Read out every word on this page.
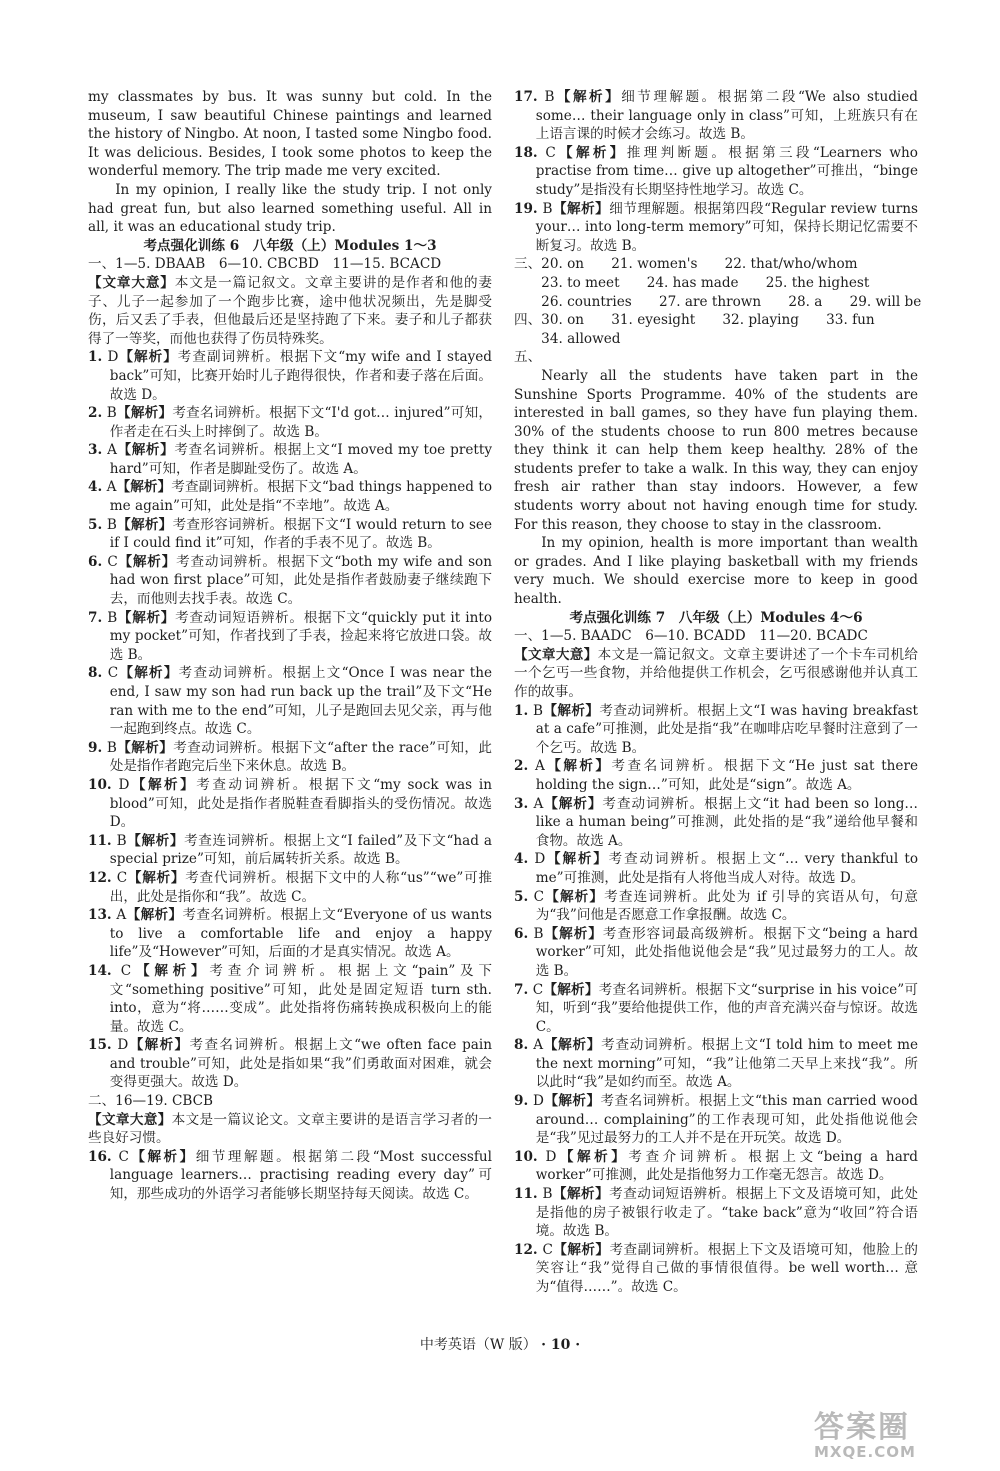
my classmates by bus. It was sunny but cold. In the museum, I saw beautiful Chinese paintings and learned the history of Ningbo. At noon, I tasted some Ningbo food. It was delicious. Besides, I took some photos to keep the wonderful memory. The trip made me very excited.

In my opinion, I really like the study trip. I not only had great fun, but also learned something useful. All in all, it was an educational study trip.

考点强化训练 6　八年级（上）Modules 1～3

一、1—5. DBAAB　6—10. CBCBD　11—15. BCACD

【文章大意】本文是一篇记叙文。文章主要讲的是作者和他的妻子、儿子一起参加了一个跑步比赛，途中他状况频出，先是脚受伤，后又丢了手表，但他最后还是坚持跑了下来。妻子和儿子都获得了一等奖，而他也获得了伤员特殊奖。

1. D【解析】考查副词辨析。根据下文“my wife and I stayed back”可知，比赛开始时儿子跑得很快，作者和妻子落在后面。故选 D。

2. B【解析】考查名词辨析。根据下文“I'd got… injured”可知，作者走在石头上时摔倒了。故选 B。

3. A【解析】考查名词辨析。根据上文“I moved my toe pretty hard”可知，作者是脚趾受伤了。故选 A。

4. A【解析】考查副词辨析。根据下文“bad things happened to me again”可知，此处是指“不幸地”。故选 A。

5. B【解析】考查形容词辨析。根据下文“I would return to see if I could find it”可知，作者的手表不见了。故选 B。

6. C【解析】考查动词辨析。根据下文“both my wife and son had won first place”可知，此处是指作者鼓励妻子继续跑下去，而他则去找手表。故选 C。

7. B【解析】考查动词短语辨析。根据下文“quickly put it into my pocket”可知，作者找到了手表，捡起来将它放进口袋。故选 B。

8. C【解析】考查动词辨析。根据上文“Once I was near the end, I saw my son had run back up the trail”及下文“He ran with me to the end”可知，儿子是跑回去见父亲，再与他一起跑到终点。故选 C。

9. B【解析】考查动词辨析。根据下文“after the race”可知，此处是指作者跑完后坐下来休息。故选 B。

10. D【解析】考查动词辨析。根据下文“my sock was in blood”可知，此处是指作者脱鞋查看脚指头的受伤情况。故选 D。

11. B【解析】考查连词辨析。根据上文“I failed”及下文“had a special prize”可知，前后属转折关系。故选 B。

12. C【解析】考查代词辨析。根据下文中的人称“us”“we”可推出，此处是指你和“我”。故选 C。

13. A【解析】考查名词辨析。根据上文“Everyone of us wants to live a comfortable life and enjoy a happy life”及“However”可知，后面的才是真实情况。故选 A。

14. C【解析】考查介词辨析。根据上文“pain”及下文“something positive”可知，此处是固定短语 turn sth. into，意为“将……变成”。此处指将伤痛转换成积极向上的能量。故选 C。

15. D【解析】考查名词辨析。根据上文“we often face pain and trouble”可知，此处是指如果“我”们勇敢面对困难，就会变得更强大。故选 D。

二、16—19. CBCB

【文章大意】本文是一篇议论文。文章主要讲的是语言学习者的一些良好习惯。

16. C【解析】细节理解题。根据第二段“Most successful language learners… practising reading every day”可知，那些成功的外语学习者能够长期坚持每天阅读。故选 C。

17. B【解析】细节理解题。根据第二段“We also studied some… their language only in class”可知，上班族只有在上语言课的时候才会练习。故选 B。

18. C【解析】推理判断题。根据第三段“Learners who practise from time… give up altogether”可推出，“binge study”是指没有长期坚持性地学习。故选 C。

19. B【解析】细节理解题。根据第四段“Regular review turns your… into long-term memory”可知，保持长期记忆需要不断复习。故选 B。

三、20. on　　21. women's　　22. that/who/whom

　　23. to meet　　24. has made　　25. the highest

　　26. countries　　27. are thrown　　28. a　　29. will be

四、30. on　　31. eyesight　　32. playing　　33. fun

　　34. allowed

五、

Nearly all the students have taken part in the Sunshine Sports Programme. 40% of the students are interested in ball games, so they have fun playing them. 30% of the students choose to run 800 metres because they think it can help them keep healthy. 28% of the students prefer to take a walk. In this way, they can enjoy fresh air rather than stay indoors. However, a few students worry about not having enough time for study. For this reason, they choose to stay in the classroom.

In my opinion, health is more important than wealth or grades. And I like playing basketball with my friends very much. We should exercise more to keep in good health.

考点强化训练 7　八年级（上）Modules 4～6

一、1—5. BAADC　6—10. BCADD　11—20. BCADC

【文章大意】本文是一篇记叙文。文章主要讲述了一个卡车司机给一个乞丐一些食物，并给他提供工作机会，乞丐很感谢他并认真工作的故事。

1. B【解析】考查动词辨析。根据上文“I was having breakfast at a cafe”可推测，此处是指“我”在咖啡店吃早餐时注意到了一个乞丐。故选 B。

2. A【解析】考查名词辨析。根据下文“He just sat there holding the sign…”可知，此处是“sign”。故选 A。

3. A【解析】考查动词辨析。根据上文“it had been so long… like a human being”可推测，此处指的是“我”递给他早餐和食物。故选 A。

4. D【解析】考查动词辨析。根据上文“… very thankful to me”可推测，此处是指有人将他当成人对待。故选 D。

5. C【解析】考查连词辨析。此处为 if 引导的宾语从句，句意为“我”问他是否愿意工作拿报酬。故选 C。

6. B【解析】考查形容词最高级辨析。根据下文“being a hard worker”可知，此处指他说他会是“我”见过最努力的工人。故选 B。

7. C【解析】考查名词辨析。根据下文“surprise in his voice”可知，听到“我”要给他提供工作，他的声音充满兴奋与惊讶。故选 C。

8. A【解析】考查动词辨析。根据上文“I told him to meet me the next morning”可知，“我”让他第二天早上来找“我”。所以此时“我”是如约而至。故选 A。

9. D【解析】考查名词辨析。根据上文“this man carried wood around… complaining”的工作表现可知，此处指他说他会是“我”见过最努力的工人并不是在开玩笑。故选 D。

10. D【解析】考查介词辨析。根据上文“being a hard worker”可推测，此处是指他努力工作毫无怨言。故选 D。

11. B【解析】考查动词短语辨析。根据上下文及语境可知，此处是指他的房子被银行收走了。“take back”意为“收回”符合语境。故选 B。

12. C【解析】考查副词辨析。根据上下文及语境可知，他脸上的笑容让“我”觉得自己做的事情很值得。be well worth… 意为“值得……”。故选 C。

中考英语（W 版） · 10 ·
答案圈
MXQE.COM
